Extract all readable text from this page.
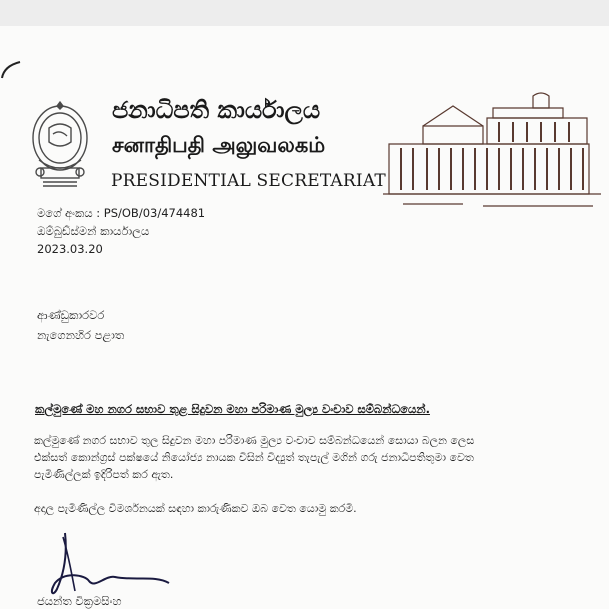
ජනාධිපති කාර්යාලය
சனாதிபதி அலுவலகம்
PRESIDENTIAL SECRETARIAT
මගේ අංකය : PS/OB/03/474481
ඔම්බුඩ්ස්මන් කාර්යාලය
2023.03.20
ආණ්ඩුකාරවර
නැගෙනහිර පළාත
කල්මුණේ මහ නගර සභාව තුළ සිදුවන මහා පරිමාණ මුල්‍ය වංචාව සම්බන්ධයෙන්.
කල්මුණේ නගර සභාව තුල සිදුවන මහා පරිමාණ මුල්‍ය වංචාව සම්බන්ධයෙන් සොයා බලන ලෙස
එක්සත් කොන්ග්‍රස් පක්ෂයේ නියෝජ්‍ය නායක විසින් විද්‍යුත් තැපැල් මගින් ගරු ජනාධිපතිතුමා වෙත
පැමිණිල්ලක් ඉදිරිපත් කර ඇත.
අදාල පැමිණිල්ල විමර්ශනයක් සඳහා කාරුණිකව ඔබ වෙත යොමු කරමි.
ජයන්ත වික්‍රමසිංහ
